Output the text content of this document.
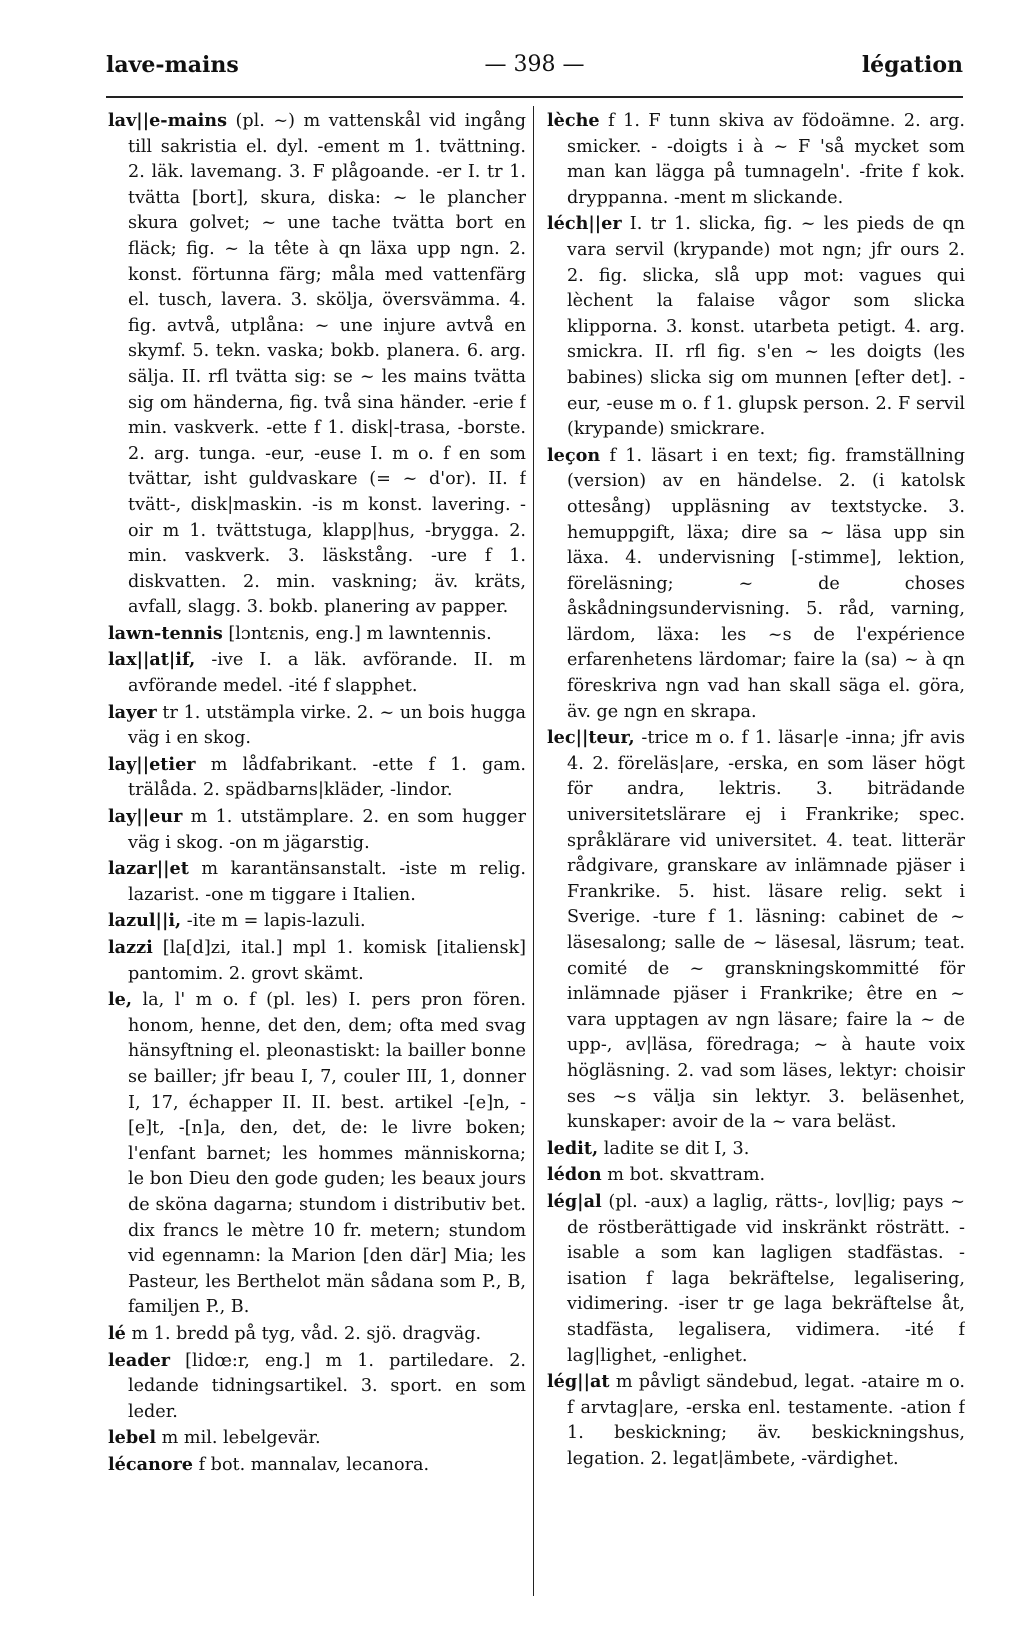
lave-mains	— 398 —	légation

lav||e-mains (pl. ~) m vattenskål vid ingång till sakristia el. dyl. -ement m 1. tvättning. 2. läk. lavemang. 3. F plågoande. -er I. tr 1. tvätta [bort], skura, diska: ~ le plancher skura golvet; ~ une tache tvätta bort en fläck; fig. ~ la tête à qn läxa upp ngn. 2. konst. förtunna färg; måla med vattenfärg el. tusch, lavera. 3. skölja, översvämma. 4. fig. avtvå, utplåna: ~ une injure avtvå en skymf. 5. tekn. vaska; bokb. planera. 6. arg. sälja. II. rfl tvätta sig: se ~ les mains tvätta sig om händerna, fig. två sina händer. -erie f min. vaskverk. -ette f 1. disk|-trasa, -borste. 2. arg. tunga. -eur, -euse I. m o. f en som tvättar, isht guldvaskare (= ~ d'or). II. f tvätt-, disk|maskin. -is m konst. lavering. -oir m 1. tvättstuga, klapp|hus, -brygga. 2. min. vaskverk. 3. läskstång. -ure f 1. diskvatten. 2. min. vaskning; äv. kräts, avfall, slagg. 3. bokb. planering av papper.

lawn-tennis [lɔntɛnis, eng.] m lawntennis.

lax||at|if, -ive I. a läk. avförande. II. m avförande medel. -ité f slapphet.

layer tr 1. utstämpla virke. 2. ~ un bois hugga väg i en skog.

lay||etier m lådfabrikant. -ette f 1. gam. trälåda. 2. spädbarns|kläder, -lindor.

lay||eur m 1. utstämplare. 2. en som hugger väg i skog. -on m jägarstig.

lazar||et m karantänsanstalt. -iste m relig. lazarist. -one m tiggare i Italien.

lazul||i, -ite m = lapis-lazuli.

lazzi [la[d]zi, ital.] mpl 1. komisk [italiensk] pantomim. 2. grovt skämt.

le, la, l' m o. f (pl. les) I. pers pron fören. honom, henne, det den, dem; ofta med svag hänsyftning el. pleonastiskt: la bailler bonne se bailler; jfr beau I, 7, couler III, 1, donner I, 17, échapper II. II. best. artikel -[e]n, -[e]t, -[n]a, den, det, de: le livre boken; l'enfant barnet; les hommes människorna; le bon Dieu den gode guden; les beaux jours de sköna dagarna; stundom i distributiv bet. dix francs le mètre 10 fr. metern; stundom vid egennamn: la Marion [den där] Mia; les Pasteur, les Berthelot män sådana som P., B, familjen P., B.

lé m 1. bredd på tyg, våd. 2. sjö. dragväg.

leader [lidœ:r, eng.] m 1. partiledare. 2. ledande tidningsartikel. 3. sport. en som leder.

lebel m mil. lebelgevär.

lécanore f bot. mannalav, lecanora.

lèche f 1. F tunn skiva av födoämne. 2. arg. smicker. - -doigts i à ~ F 'så mycket som man kan lägga på tumnageln'. -frite f kok. dryppanna. -ment m slickande.

léch||er I. tr 1. slicka, fig. ~ les pieds de qn vara servil (krypande) mot ngn; jfr ours 2. 2. fig. slicka, slå upp mot: vagues qui lèchent la falaise vågor som slicka klipporna. 3. konst. utarbeta petigt. 4. arg. smickra. II. rfl fig. s'en ~ les doigts (les babines) slicka sig om munnen [efter det]. -eur, -euse m o. f 1. glupsk person. 2. F servil (krypande) smickrare.

leçon f 1. läsart i en text; fig. framställning (version) av en händelse. 2. (i katolsk ottesång) uppläsning av textstycke. 3. hemuppgift, läxa; dire sa ~ läsa upp sin läxa. 4. undervisning [-stimme], lektion, föreläsning; ~ de choses åskådningsundervisning. 5. råd, varning, lärdom, läxa: les ~s de l'expérience erfarenhetens lärdomar; faire la (sa) ~ à qn föreskriva ngn vad han skall säga el. göra, äv. ge ngn en skrapa.

lec||teur, -trice m o. f 1. läsar|e -inna; jfr avis 4. 2. föreläs|are, -erska, en som läser högt för andra, lektris. 3. biträdande universitetslärare ej i Frankrike; spec. språklärare vid universitet. 4. teat. litterär rådgivare, granskare av inlämnade pjäser i Frankrike. 5. hist. läsare relig. sekt i Sverige. -ture f 1. läsning: cabinet de ~ läsesalong; salle de ~ läsesal, läsrum; teat. comité de ~ granskningskommitté för inlämnade pjäser i Frankrike; être en ~ vara upptagen av ngn läsare; faire la ~ de upp-, av|läsa, föredraga; ~ à haute voix högläsning. 2. vad som läses, lektyr: choisir ses ~s välja sin lektyr. 3. beläsenhet, kunskaper: avoir de la ~ vara beläst.

ledit, ladite se dit I, 3.

lédon m bot. skvattram.

lég|al (pl. -aux) a laglig, rätts-, lov|lig; pays ~ de röstberättigade vid inskränkt rösträtt. -isable a som kan lagligen stadfästas. -isation f laga bekräftelse, legalisering, vidimering. -iser tr ge laga bekräftelse åt, stadfästa, legalisera, vidimera. -ité f lag|lighet, -enlighet.

lég||at m påvligt sändebud, legat. -ataire m o. f arvtag|are, -erska enl. testamente. -ation f 1. beskickning; äv. beskickningshus, legation. 2. legat|ämbete, -värdighet.
